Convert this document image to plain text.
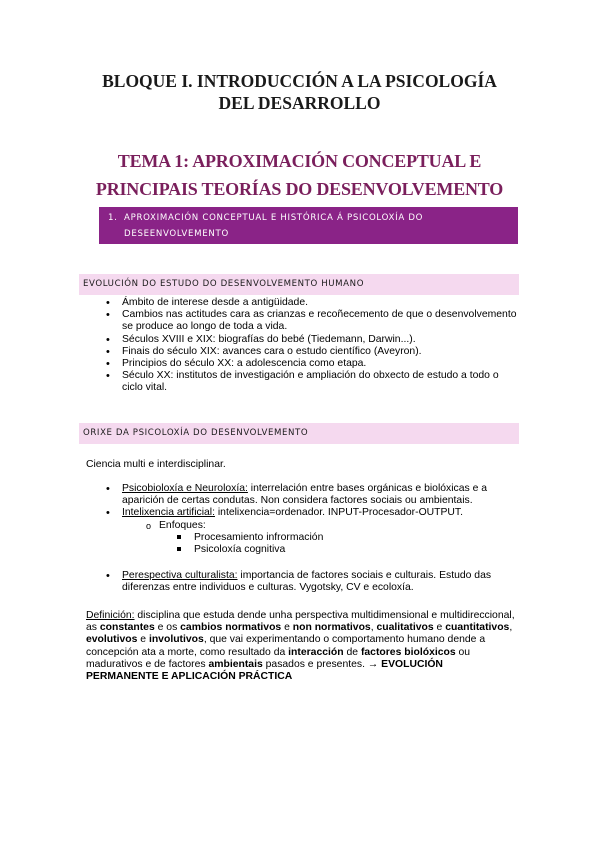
BLOQUE I. INTRODUCCIÓN A LA PSICOLOGÍA
DEL DESARROLLO
TEMA 1: APROXIMACIÓN CONCEPTUAL E
PRINCIPAIS TEORÍAS DO DESENVOLVEMENTO
1. APROXIMACIÓN CONCEPTUAL E HISTÓRICA Á PSICOLOXÍA DO
DESEENVOLVEMENTO
EVOLUCIÓN DO ESTUDO DO DESENVOLVEMENTO HUMANO
• Ámbito de interese desde a antigüidade.
• Cambios nas actitudes cara as crianzas e recoñecemento de que o desenvolvemento se produce ao longo de toda a vida.
• Séculos XVIII e XIX: biografías do bebé (Tiedemann, Darwin...).
• Finais do século XIX: avances cara o estudo científico (Aveyron).
• Principios do século XX: a adolescencia como etapa.
• Século XX: institutos de investigación e ampliación do obxecto de estudo a todo o ciclo vital.
ORIXE DA PSICOLOXÍA DO DESENVOLVEMENTO
Ciencia multi e interdisciplinar.
• Psicobioloxía e Neuroloxía: interrelación entre bases orgánicas e biolóxicas e a aparición de certas condutas. Non considera factores sociais ou ambientais.
• Intelixencia artificial: intelixencia=ordenador. INPUT-Procesador-OUTPUT.
o Enfoques:
Procesamiento infrormación
Psicoloxía cognitiva
• Perespectiva culturalista: importancia de factores sociais e culturais. Estudo das diferenzas entre individuos e culturas. Vygotsky, CV e ecoloxía.
Definición: disciplina que estuda dende unha perspectiva multidimensional e multidireccional, as constantes e os cambios normativos e non normativos, cualitativos e cuantitativos, evolutivos e involutivos, que vai experimentando o comportamento humano dende a concepción ata a morte, como resultado da interacción de factores biolóxicos ou madurativos e de factores ambientais pasados e presentes. → EVOLUCIÓN PERMANENTE E APLICACIÓN PRÁCTICA
